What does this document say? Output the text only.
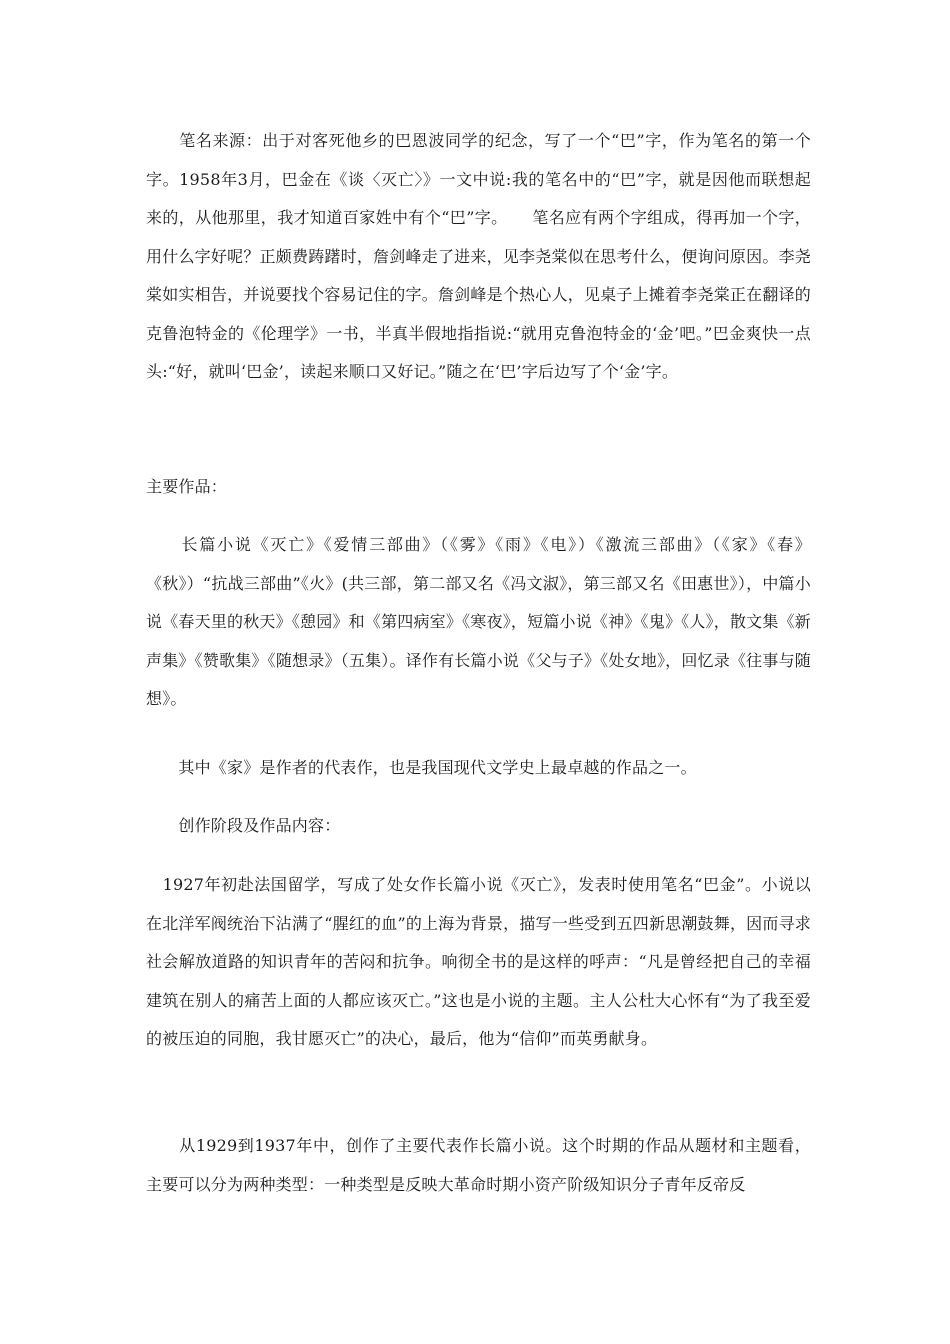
　　笔名来源：出于对客死他乡的巴恩波同学的纪念，写了一个“巴”字，作为笔名的第一个字。1958年3月，巴金在《谈〈灭亡〉》一文中说:我的笔名中的“巴”字，就是因他而联想起来的，从他那里，我才知道百家姓中有个“巴”字。　　笔名应有两个字组成，得再加一个字，用什么字好呢？正颇费踌躇时，詹剑峰走了进来，见李尧棠似在思考什么，便询问原因。李尧棠如实相告，并说要找个容易记住的字。詹剑峰是个热心人，见桌子上摊着李尧棠正在翻译的克鲁泡特金的《伦理学》一书，半真半假地指指说:“就用克鲁泡特金的‘金’吧。”巴金爽快一点头:“好，就叫‘巴金’，读起来顺口又好记。”随之在‘巴’字后边写了个‘金’字。

主要作品：

　　长篇小说《灭亡》《爱情三部曲》（《雾》《雨》《电》）《激流三部曲》（《家》《春》《秋》）“抗战三部曲”《火》(共三部，第二部又名《冯文淑》，第三部又名《田惠世》），中篇小说《春天里的秋天》《憩园》和《第四病室》《寒夜》，短篇小说《神》《鬼》《人》，散文集《新声集》《赞歌集》《随想录》（五集）。译作有长篇小说《父与子》《处女地》，回忆录《往事与随想》。

　　其中《家》是作者的代表作，也是我国现代文学史上最卓越的作品之一。

　　创作阶段及作品内容：

　1927年初赴法国留学，写成了处女作长篇小说《灭亡》，发表时使用笔名“巴金”。小说以在北洋军阀统治下沾满了“腥红的血”的上海为背景，描写一些受到五四新思潮鼓舞，因而寻求社会解放道路的知识青年的苦闷和抗争。响彻全书的是这样的呼声：“凡是曾经把自己的幸福建筑在别人的痛苦上面的人都应该灭亡。”这也是小说的主题。主人公杜大心怀有“为了我至爱的被压迫的同胞，我甘愿灭亡”的决心，最后，他为“信仰”而英勇献身。

　　从1929到1937年中，创作了主要代表作长篇小说。这个时期的作品从题材和主题看，主要可以分为两种类型：一种类型是反映大革命时期小资产阶级知识分子青年反帝反
